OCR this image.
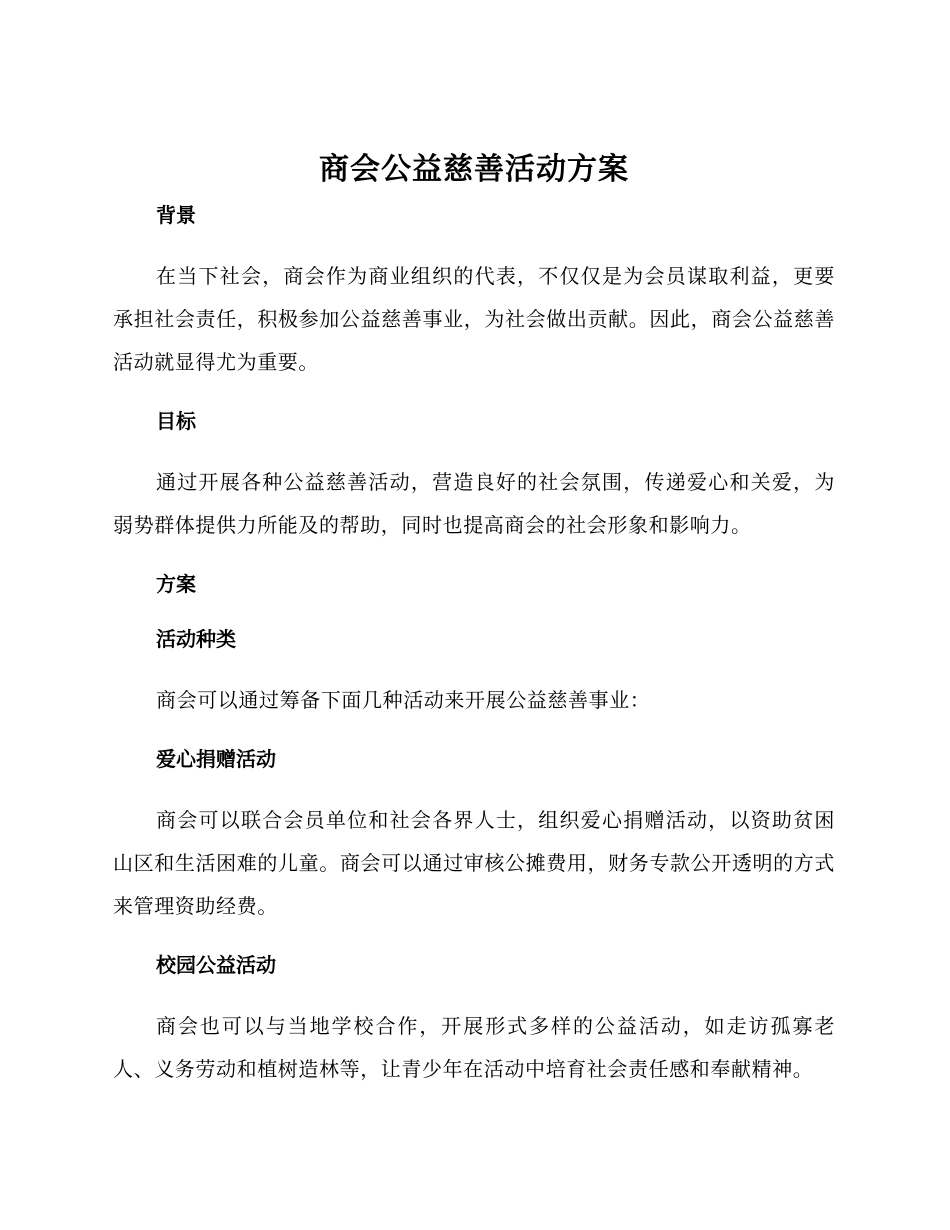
商会公益慈善活动方案
背景

在当下社会，商会作为商业组织的代表，不仅仅是为会员谋取利益，更要承担社会责任，积极参加公益慈善事业，为社会做出贡献。因此，商会公益慈善活动就显得尤为重要。

目标

通过开展各种公益慈善活动，营造良好的社会氛围，传递爱心和关爱，为弱势群体提供力所能及的帮助，同时也提高商会的社会形象和影响力。

方案
活动种类

商会可以通过筹备下面几种活动来开展公益慈善事业：

爱心捐赠活动

商会可以联合会员单位和社会各界人士，组织爱心捐赠活动，以资助贫困山区和生活困难的儿童。商会可以通过审核公摊费用，财务专款公开透明的方式来管理资助经费。

校园公益活动

商会也可以与当地学校合作，开展形式多样的公益活动，如走访孤寡老人、义务劳动和植树造林等，让青少年在活动中培育社会责任感和奉献精神。
